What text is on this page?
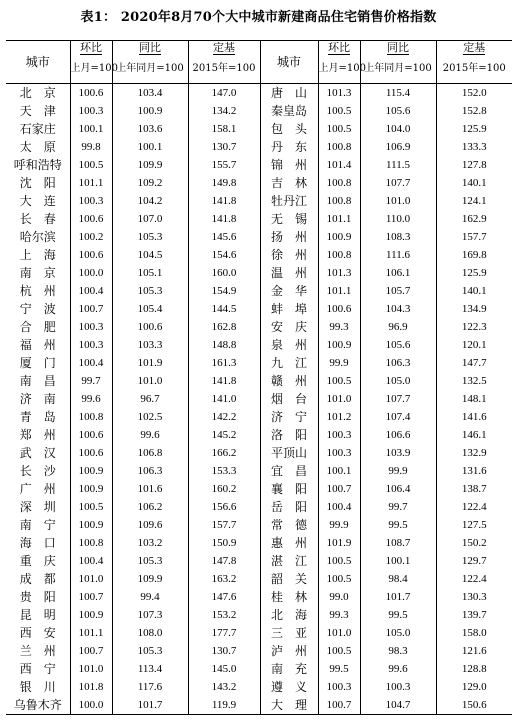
表1： 2020年8月70个大中城市新建商品住宅销售价格指数
城市	环比	同比	定基	城市	环比	同比	定基
	上月=100	上年同月=100	2015年=100		上月=100	上年同月=100	2015年=100
北　京	100.6	103.4	147.0	唐　山	101.3	115.4	152.0
天　津	100.3	100.9	134.2	秦皇岛	100.5	105.6	152.8
石家庄	100.1	103.6	158.1	包　头	100.5	104.0	125.9
太　原	99.8	100.1	130.7	丹　东	100.8	106.9	133.3
呼和浩特	100.5	109.9	155.7	锦　州	101.4	111.5	127.8
沈　阳	101.1	109.2	149.8	吉　林	100.8	107.7	140.1
大　连	100.3	104.2	141.8	牡丹江	100.8	101.0	124.1
长　春	100.6	107.0	141.8	无　锡	101.1	110.0	162.9
哈尔滨	100.2	105.3	145.6	扬　州	100.9	108.3	157.7
上　海	100.6	104.5	154.6	徐　州	100.8	111.6	169.8
南　京	100.0	105.1	160.0	温　州	101.3	106.1	125.9
杭　州	100.4	105.3	154.9	金　华	101.1	105.7	140.1
宁　波	100.7	105.4	144.5	蚌　埠	100.6	104.3	134.9
合　肥	100.3	100.6	162.8	安　庆	99.3	96.9	122.3
福　州	100.3	103.3	148.8	泉　州	100.9	105.6	120.1
厦　门	100.4	101.9	161.3	九　江	99.9	106.3	147.7
南　昌	99.7	101.0	141.8	赣　州	100.5	105.0	132.5
济　南	99.6	96.7	141.0	烟　台	101.0	107.7	148.1
青　岛	100.8	102.5	142.2	济　宁	101.2	107.4	141.6
郑　州	100.6	99.6	145.2	洛　阳	100.3	106.6	146.1
武　汉	100.6	106.8	166.2	平顶山	100.3	103.9	132.9
长　沙	100.9	106.3	153.3	宜　昌	100.1	99.9	131.6
广　州	100.9	101.6	160.2	襄　阳	100.7	106.4	138.7
深　圳	100.5	106.2	156.6	岳　阳	100.4	99.7	122.4
南　宁	100.9	109.6	157.7	常　德	99.9	99.5	127.5
海　口	100.8	103.2	150.9	惠　州	101.9	108.7	150.2
重　庆	100.4	105.3	147.8	湛　江	100.5	100.1	129.7
成　都	101.0	109.9	163.2	韶　关	100.5	98.4	122.4
贵　阳	100.7	99.4	147.6	桂　林	99.0	101.7	130.3
昆　明	100.9	107.3	153.2	北　海	99.3	99.5	139.7
西　安	101.1	108.0	177.7	三　亚	101.0	105.0	158.0
兰　州	100.7	105.3	130.7	泸　州	100.5	98.3	121.6
西　宁	101.0	113.4	145.0	南　充	99.5	99.6	128.8
银　川	101.8	117.6	143.2	遵　义	100.3	100.3	129.0
乌鲁木齐	100.0	101.7	119.9	大　理	100.7	104.7	150.6
